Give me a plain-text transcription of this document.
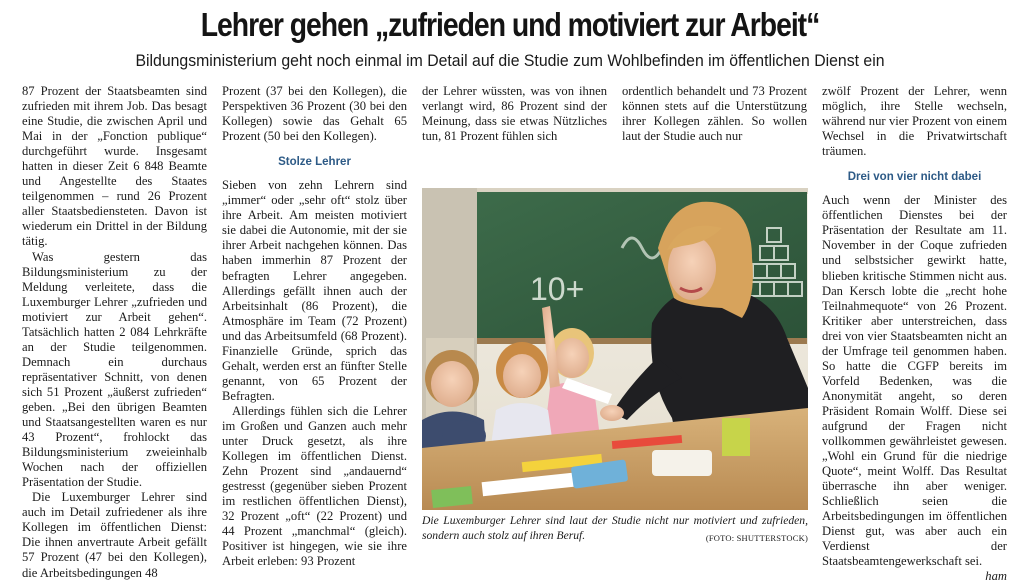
Lehrer gehen „zufrieden und motiviert zur Arbeit“
Bildungsministerium geht noch einmal im Detail auf die Studie zum Wohlbefinden im öffentlichen Dienst ein

87 Prozent der Staatsbeamten sind zufrieden mit ihrem Job. Das besagt eine Studie, die zwischen April und Mai in der „Fonction publique“ durchgeführt wurde. Insgesamt hatten in dieser Zeit 6 848 Beamte und Angestellte des Staates teilgenommen – rund 26 Prozent aller Staatsbediensteten. Davon ist wiederum ein Drittel in der Bildung tätig.

Was gestern das Bildungsministerium zu der Meldung verleitete, dass die Luxemburger Lehrer „zufrieden und motiviert zur Arbeit gehen“. Tatsächlich hatten 2 084 Lehrkräfte an der Studie teilgenommen. Demnach ein durchaus repräsentativer Schnitt, von denen sich 51 Prozent „äußerst zufrieden“ geben. „Bei den übrigen Beamten und Staatsangestellten waren es nur 43 Prozent“, frohlockt das Bildungsministerium zweieinhalb Wochen nach der offiziellen Präsentation der Studie.

Die Luxemburger Lehrer sind auch im Detail zufriedener als ihre Kollegen im öffentlichen Dienst: Die ihnen anvertraute Arbeit gefällt 57 Prozent (47 bei den Kollegen), die Arbeitsbedingungen 48

Prozent (37 bei den Kollegen), die Perspektiven 36 Prozent (30 bei den Kollegen) sowie das Gehalt 65 Prozent (50 bei den Kollegen).

Stolze Lehrer

Sieben von zehn Lehrern sind „immer“ oder „sehr oft“ stolz über ihre Arbeit. Am meisten motiviert sie dabei die Autonomie, mit der sie ihrer Arbeit nachgehen können. Das haben immerhin 87 Prozent der befragten Lehrer angegeben. Allerdings gefällt ihnen auch der Arbeitsinhalt (86 Prozent), die Atmosphäre im Team (72 Prozent) und das Arbeitsumfeld (68 Prozent). Finanzielle Gründe, sprich das Gehalt, werden erst an fünfter Stelle genannt, von 65 Prozent der Befragten.

Allerdings fühlen sich die Lehrer im Großen und Ganzen auch mehr unter Druck gesetzt, als ihre Kollegen im öffentlichen Dienst. Zehn Prozent sind „andauernd“ gestresst (gegenüber sieben Prozent im restlichen öffentlichen Dienst), 32 Prozent „oft“ (22 Prozent) und 44 Prozent „manchmal“ (gleich). Positiver ist hingegen, wie sie ihre Arbeit erleben: 93 Prozent

der Lehrer wüssten, was von ihnen verlangt wird, 86 Prozent sind der Meinung, dass sie etwas Nützliches tun, 81 Prozent fühlen sich

ordentlich behandelt und 73 Prozent können stets auf die Unterstützung ihrer Kollegen zählen. So wollen laut der Studie auch nur

zwölf Prozent der Lehrer, wenn möglich, ihre Stelle wechseln, während nur vier Prozent von einem Wechsel in die Privatwirtschaft träumen.

Drei von vier nicht dabei

Auch wenn der Minister des öffentlichen Dienstes bei der Präsentation der Resultate am 11. November in der Coque zufrieden und selbstsicher gewirkt hatte, blieben kritische Stimmen nicht aus. Dan Kersch lobte die „recht hohe Teilnahmequote“ von 26 Prozent. Kritiker aber unterstreichen, dass drei von vier Staatsbeamten nicht an der Umfrage teil genommen haben. So hatte die CGFP bereits im Vorfeld Bedenken, was die Anonymität angeht, so deren Präsident Romain Wolff. Diese sei aufgrund der Fragen nicht vollkommen gewährleistet gewesen. „Wohl ein Grund für die niedrige Quote“, meint Wolff. Das Resultat überrasche ihn aber weniger. Schließlich seien die Arbeitsbedingungen im öffentlichen Dienst gut, was aber auch ein Verdienst der Staatsbeamtengewerkschaft sei.

ham

10+
Die Luxemburger Lehrer sind laut der Studie nicht nur motiviert und zufrieden, sondern auch stolz auf ihren Beruf.	(FOTO: SHUTTERSTOCK)
